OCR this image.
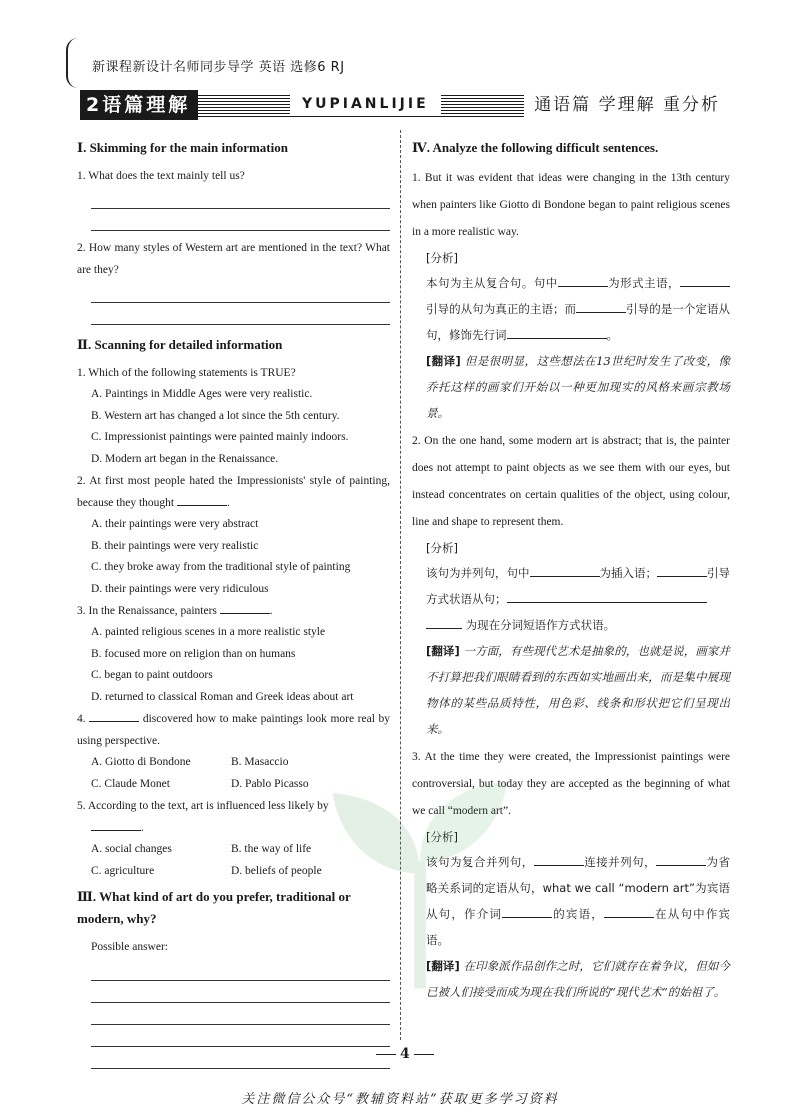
新课程新设计名师同步导学 英语 选修6 RJ
2语篇理解	YUPIANLIJIE	通语篇 学理解 重分析
Ⅰ. Skimming for the main information
1. What does the text mainly tell us?
2. How many styles of Western art are mentioned in the text? What are they?
Ⅱ. Scanning for detailed information
1. Which of the following statements is TRUE?
A. Paintings in Middle Ages were very realistic.
B. Western art has changed a lot since the 5th century.
C. Impressionist paintings were painted mainly indoors.
D. Modern art began in the Renaissance.
2. At first most people hated the Impressionists' style of painting, because they thought	.
A. their paintings were very abstract
B. their paintings were very realistic
C. they broke away from the traditional style of painting
D. their paintings were very ridiculous
3. In the Renaissance, painters	.
A. painted religious scenes in a more realistic style
B. focused more on religion than on humans
C. began to paint outdoors
D. returned to classical Roman and Greek ideas about art
4.	discovered how to make paintings look more real by using perspective.
A. Giotto di Bondone	B. Masaccio
C. Claude Monet	D. Pablo Picasso
5. According to the text, art is influenced less likely by
.
A. social changes	B. the way of life
C. agriculture	D. beliefs of people
Ⅲ. What kind of art do you prefer, traditional or modern, why?
Possible answer:
Ⅳ. Analyze the following difficult sentences.
1. But it was evident that ideas were changing in the 13th century when painters like Giotto di Bondone began to paint religious scenes in a more realistic way.
[分析]
本句为主从复合句。句中	为形式主语，引导的从句为真正的主语；而	引导的是一个定语从句，修饰先行词	。
[翻译] 但是很明显，这些想法在13世纪时发生了改变，像乔托这样的画家们开始以一种更加现实的风格来画宗教场景。
2. On the one hand, some modern art is abstract; that is, the painter does not attempt to paint objects as we see them with our eyes, but instead concentrates on certain qualities of the object, using colour, line and shape to represent them.
[分析]
该句为并列句，句中	为插入语；	引导方式状语从句；
为现在分词短语作方式状语。
[翻译] 一方面，有些现代艺术是抽象的，也就是说，画家并不打算把我们眼睛看到的东西如实地画出来，而是集中展现物体的某些品质特性，用色彩、线条和形状把它们呈现出来。
3. At the time they were created, the Impressionist paintings were controversial, but today they are accepted as the beginning of what we call “modern art”.
[分析]
该句为复合并列句，	连接并列句，	为省略关系词的定语从句，what we call “modern art”为宾语从句，作介词	的宾语，	在从句中作宾语。
[翻译] 在印象派作品创作之时，它们就存在着争议，但如今已被人们接受而成为现在我们所说的“现代艺术”的始祖了。
4
关注微信公众号“教辅资料站”获取更多学习资料
